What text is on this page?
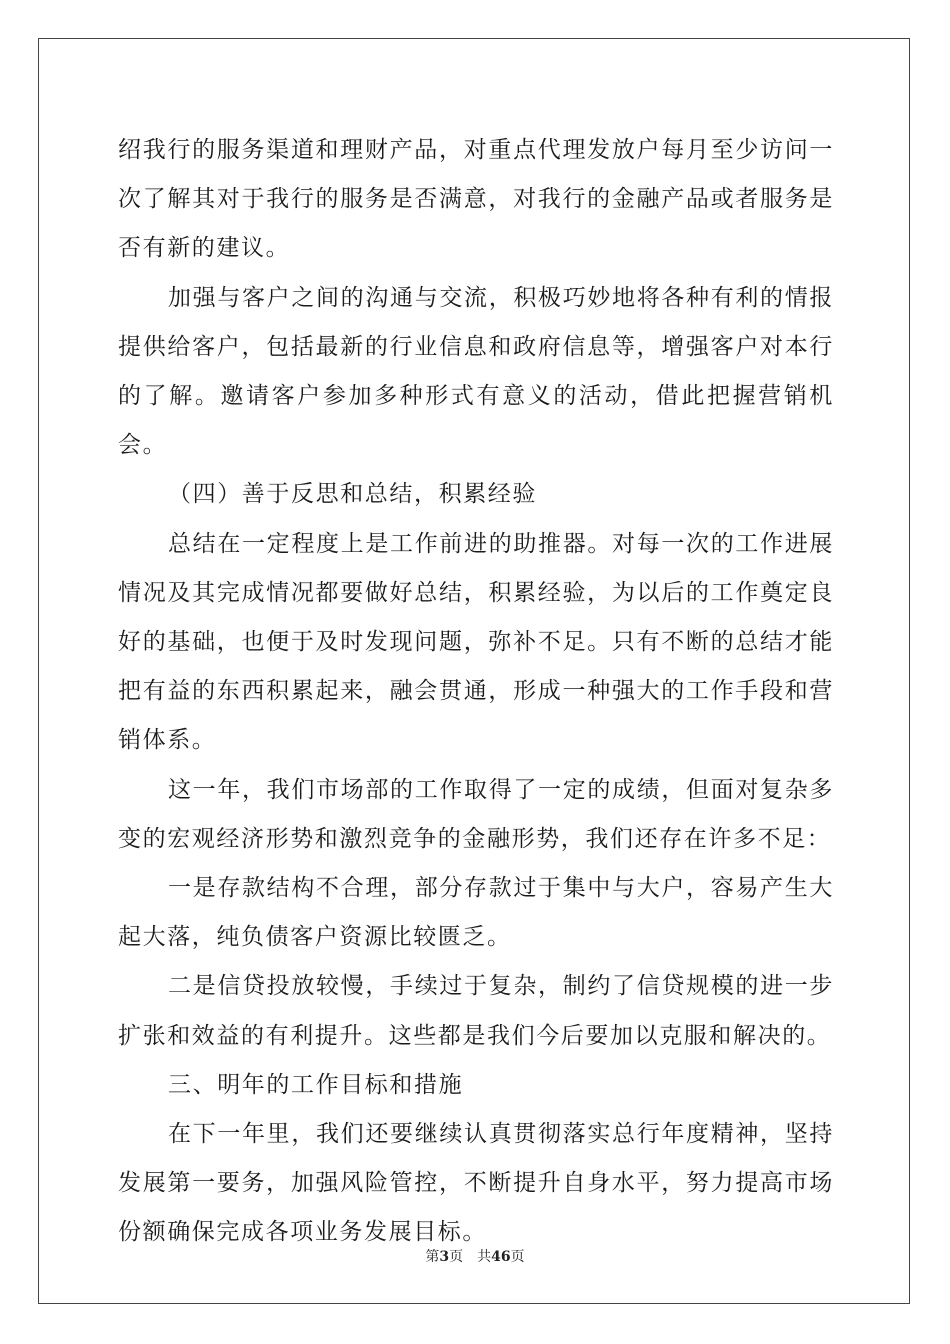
绍我行的服务渠道和理财产品，对重点代理发放户每月至少访问一次了解其对于我行的服务是否满意，对我行的金融产品或者服务是否有新的建议。

加强与客户之间的沟通与交流，积极巧妙地将各种有利的情报提供给客户，包括最新的行业信息和政府信息等，增强客户对本行的了解。邀请客户参加多种形式有意义的活动，借此把握营销机会。

（四）善于反思和总结，积累经验

总结在一定程度上是工作前进的助推器。对每一次的工作进展情况及其完成情况都要做好总结，积累经验，为以后的工作奠定良好的基础，也便于及时发现问题，弥补不足。只有不断的总结才能把有益的东西积累起来，融会贯通，形成一种强大的工作手段和营销体系。

这一年，我们市场部的工作取得了一定的成绩，但面对复杂多变的宏观经济形势和激烈竞争的金融形势，我们还存在许多不足：

一是存款结构不合理，部分存款过于集中与大户，容易产生大起大落，纯负债客户资源比较匮乏。

二是信贷投放较慢，手续过于复杂，制约了信贷规模的进一步扩张和效益的有利提升。这些都是我们今后要加以克服和解决的。

三、明年的工作目标和措施

在下一年里，我们还要继续认真贯彻落实总行年度精神，坚持发展第一要务，加强风险管控，不断提升自身水平，努力提高市场份额确保完成各项业务发展目标。

第3页　共46页
